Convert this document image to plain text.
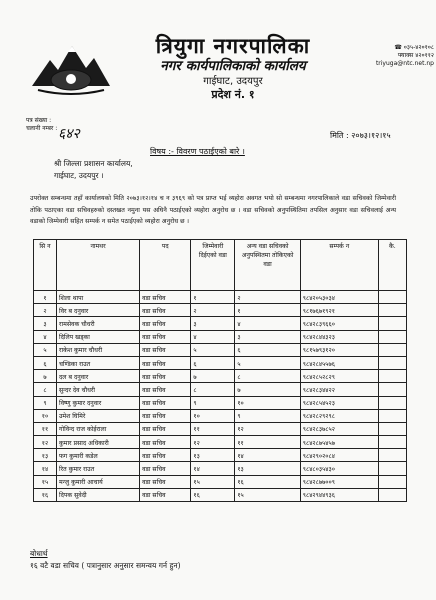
त्रियुगा नगरपालिका
नगर कार्यपालिकाको कार्यालय
गाईघाट, उदयपुर
प्रदेश नं. १
☎ ०३५-४२०१०८
फ्याक्स ४२०११२
triyuga@ntc.net.np
पत्र संख्या :
चलानी नम्बर : ६४२	मिति : २०७३।१२।१५
विषय :- विवरण पठाईएको बारे ।
श्री जिल्ला प्रशासन कार्यालय,
गाईघाट, उदयपुर ।
उपरोक्त सम्बन्धमा तहाँ कार्यालयको मिति २०७३।१२।१४ च न ३९६९ को पत्र प्राप्त भई व्यहोरा अवगत भयो सो सम्बन्धमा नगरपालिकाले वडा सचिवको जिम्मेवारी तोकि पठाएका वडा सचिवहरुको दस्तखत नमुना यस अघिनै पठाईएको व्यहोरा अनुरोध छ । वडा सचिवको अनुपस्थितिमा तपसिल अनुसार वडा सचिवलाई अन्य वडाको जिम्मेवारी सहित सम्पर्क न समेत पठाईएको व्यहोरा अनुरोध छ ।
सि न	नामथर	पद	जिम्मेवारी दिईएको वडा	अन्य वडा सचिवको अनुपस्थितमा तोकिएको वडा	सम्पर्क न	कै.
१	शिला थापा	वडा सचिव	१	२	९८४२०५३०३४	
२	विर ब दनुवार	वडा सचिव	२	१	९८१७६७१९२१	
३	रामसेवक चौधरी	वडा सचिव	३	४	९८४२८३९६६०	
४	दिलिप खड्का	वडा सचिव	४	३	९८४२८४४३२३	
५	राकेश कुमार चौधरी	वडा सचिव	५	६	९८१५७९३१२०	
६	चण्डिका राउत	वडा सचिव	६	५	९८४२८४५५७६	
७	दल ब दनुवार	वडा सचिव	७	८	९८४२८५२८२९	
८	सुन्दर देव चौधरी	वडा सचिव	८	७	९८४२८३४४२२	
९	विष्णु कुमार दनुवार	वडा सचिव	९	१०	९८४२८५४५२३	
१०	उमेश घिमिरे	वडा सचिव	१०	९	९८४२८२९२९८	
११	गोविन्द राज कोईराला	वडा सचिव	११	१२	९८४२८३७८५२	
१२	कुमार प्रसाद अधिकारी	वडा सचिव	१२	११	९८४२८७५४५७	
१३	फग कुमारी कडेल	वडा सचिव	१३	१४	९८४२९०२०८४	
१४	रित कुमार राउत	वडा सचिव	१४	१३	९८४८०३५४३०	
१५	मन्जु कुमारी आचार्य	वडा सचिव	१५	१६	९८४२८७७००९	
१६	दिपक सुवेदी	वडा सचिव	१६	१५	९८४२९४४९३६	
बोधार्थ
१६ वटै वडा सचिव ( पत्रानुसार अनुसार समन्वय गर्न हुन)
